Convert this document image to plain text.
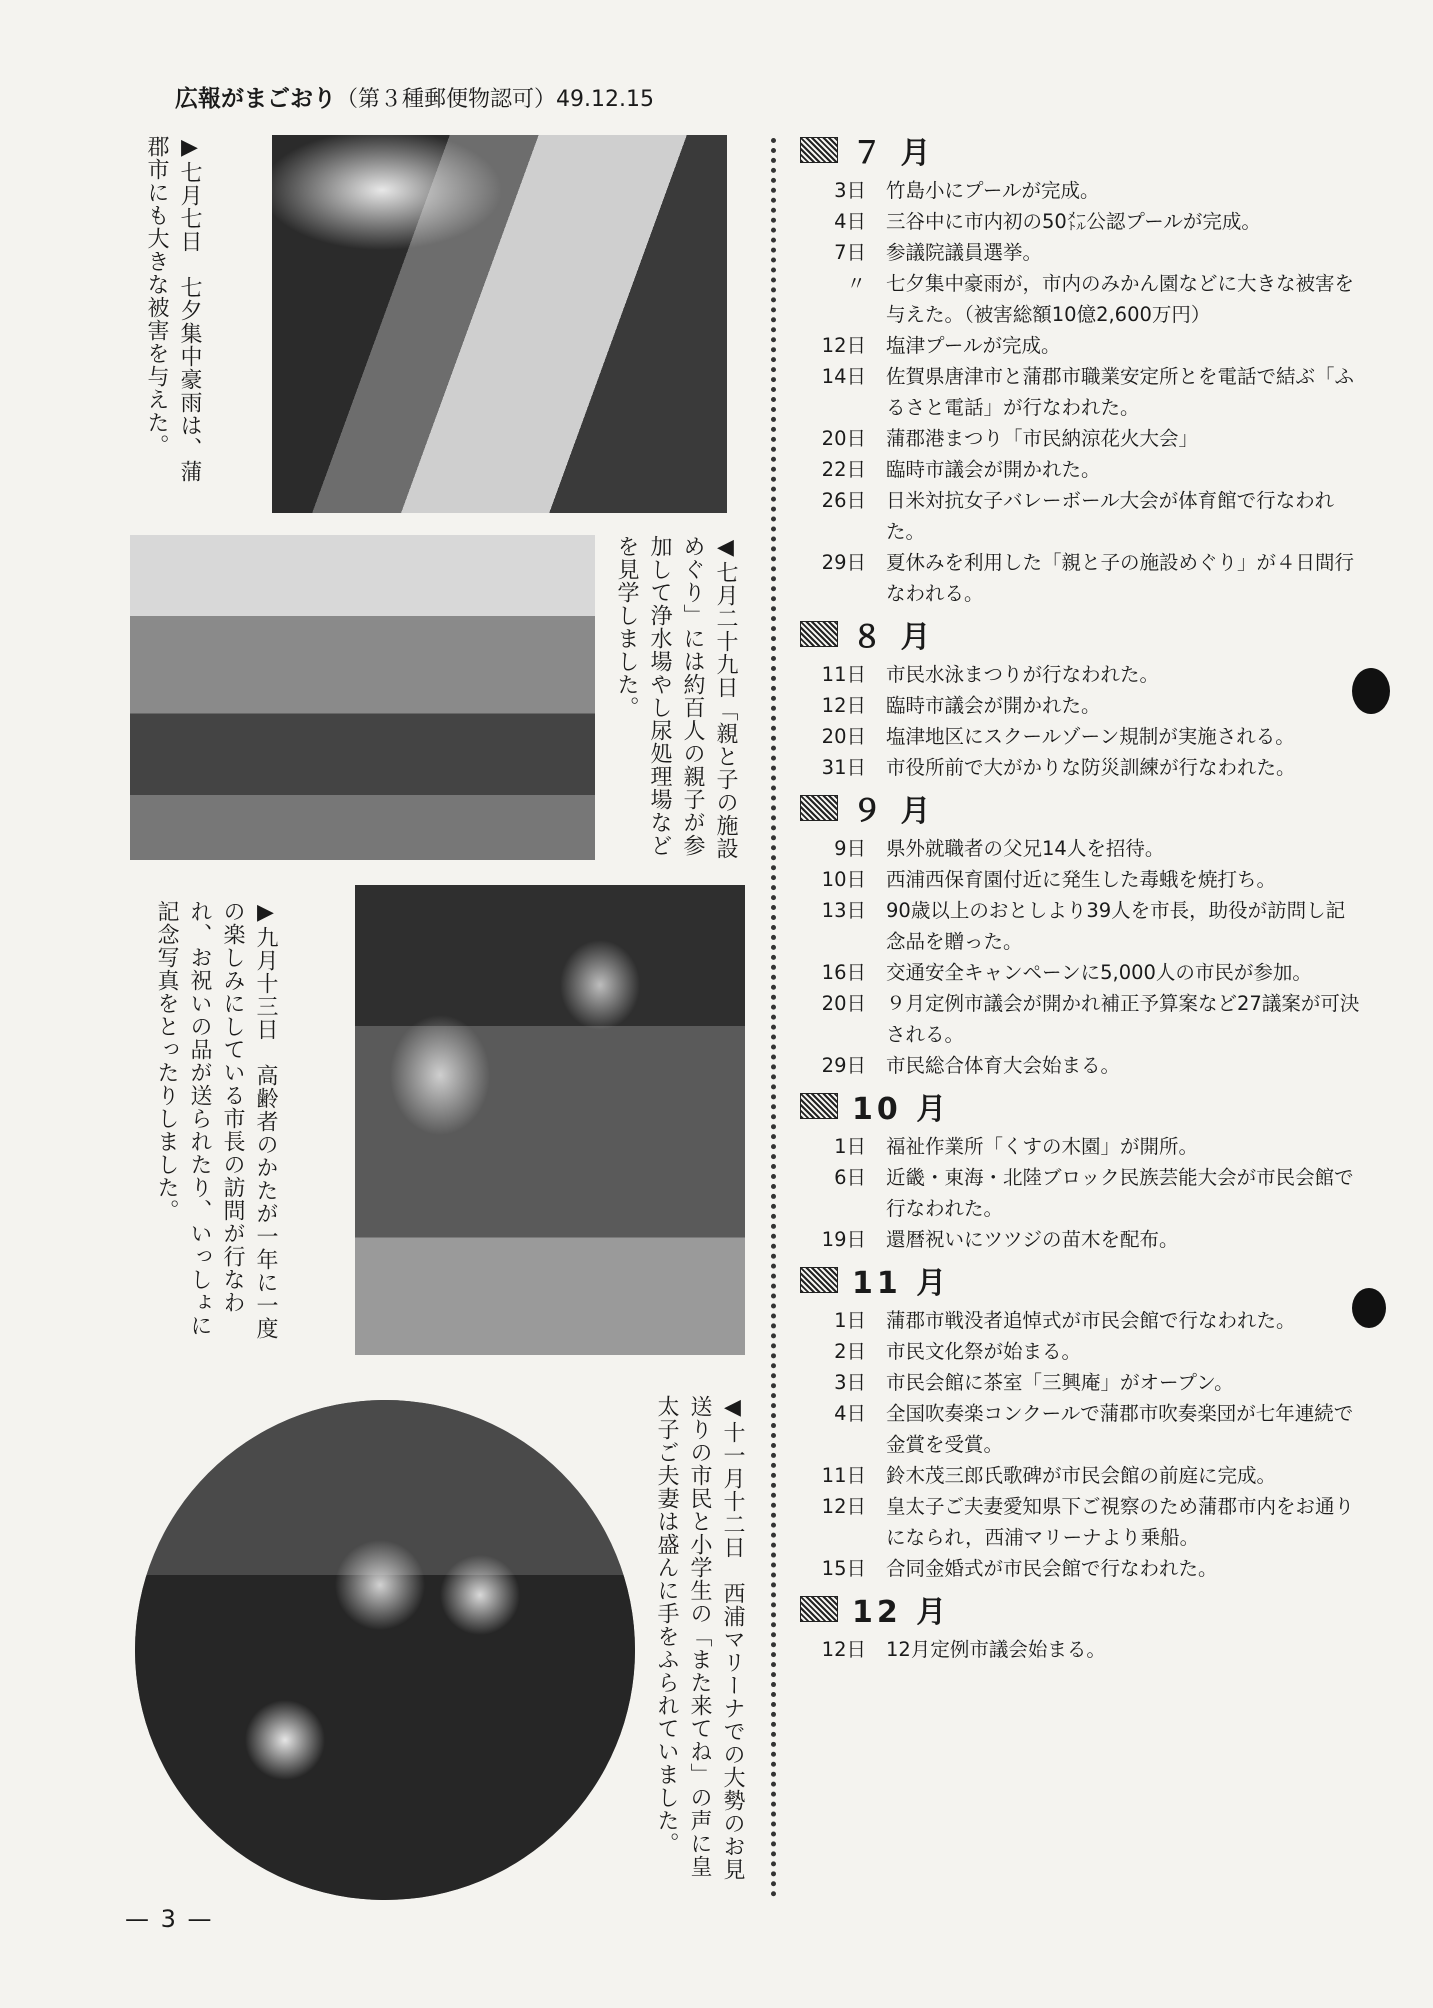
広報がまごおり（第３種郵便物認可）49.12.15
▶七月七日　七夕集中豪雨は、蒲郡市にも大きな被害を与えた。
◀七月二十九日「親と子の施設めぐり」には約百人の親子が参加して浄水場やし尿処理場などを見学しました。
▶九月十三日　高齢者のかたが一年に一度の楽しみにしている市長の訪問が行なわれ、お祝いの品が送られたり、いっしょに記念写真をとったりしました。
◀十一月十二日　西浦マリーナでの大勢のお見送りの市民と小学生の「また来てね」の声に皇太子ご夫妻は盛んに手をふられていました。
７ 月
3日	竹島小にプールが完成。
4日	三谷中に市内初の50㍍公認プールが完成。
7日	参議院議員選挙。
〃	七夕集中豪雨が，市内のみかん園などに大きな被害を与えた。（被害総額10億2,600万円）
12日	塩津プールが完成。
14日	佐賀県唐津市と蒲郡市職業安定所とを電話で結ぶ「ふるさと電話」が行なわれた。
20日	蒲郡港まつり「市民納涼花火大会」
22日	臨時市議会が開かれた。
26日	日米対抗女子バレーボール大会が体育館で行なわれた。
29日	夏休みを利用した「親と子の施設めぐり」が４日間行なわれる。
８ 月
11日	市民水泳まつりが行なわれた。
12日	臨時市議会が開かれた。
20日	塩津地区にスクールゾーン規制が実施される。
31日	市役所前で大がかりな防災訓練が行なわれた。
９ 月
9日	県外就職者の父兄14人を招待。
10日	西浦西保育園付近に発生した毒蛾を焼打ち。
13日	90歳以上のおとしより39人を市長，助役が訪問し記念品を贈った。
16日	交通安全キャンペーンに5,000人の市民が参加。
20日	９月定例市議会が開かれ補正予算案など27議案が可決される。
29日	市民総合体育大会始まる。
10 月
1日	福祉作業所「くすの木園」が開所。
6日	近畿・東海・北陸ブロック民族芸能大会が市民会館で行なわれた。
19日	還暦祝いにツツジの苗木を配布。
11 月
1日	蒲郡市戦没者追悼式が市民会館で行なわれた。
2日	市民文化祭が始まる。
3日	市民会館に茶室「三興庵」がオープン。
4日	全国吹奏楽コンクールで蒲郡市吹奏楽団が七年連続で金賞を受賞。
11日	鈴木茂三郎氏歌碑が市民会館の前庭に完成。
12日	皇太子ご夫妻愛知県下ご視察のため蒲郡市内をお通りになられ，西浦マリーナより乗船。
15日	合同金婚式が市民会館で行なわれた。
12 月
12日	12月定例市議会始まる。
— 3 —
